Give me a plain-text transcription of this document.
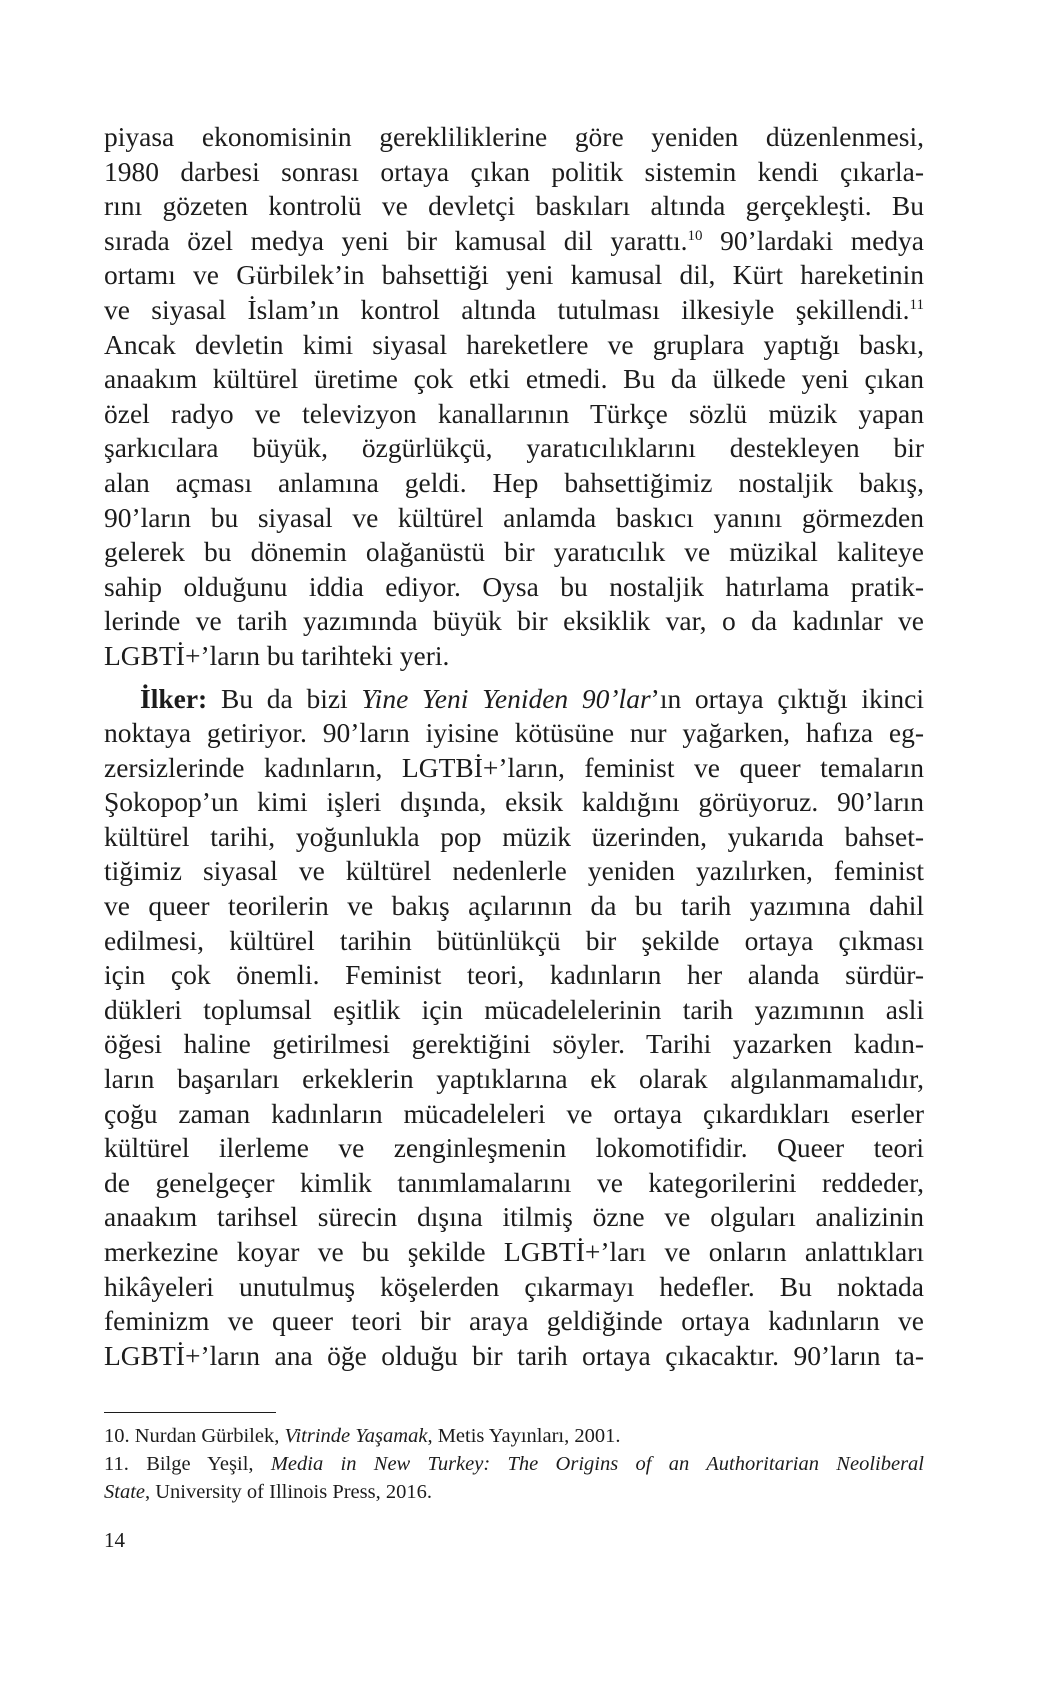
piyasa ekonomisinin gerekliliklerine göre yeniden düzenlenmesi,
1980 darbesi sonrası ortaya çıkan politik sistemin kendi çıkarla-
rını gözeten kontrolü ve devletçi baskıları altında gerçekleşti. Bu
sırada özel medya yeni bir kamusal dil yarattı.$^{10}$ 90’lardaki medya
ortamı ve Gürbilek’in bahsettiği yeni kamusal dil, Kürt hareketinin
ve siyasal İslam’ın kontrol altında tutulması ilkesiyle şekillendi.$^{11}$
Ancak devletin kimi siyasal hareketlere ve gruplara yaptığı baskı,
anaakım kültürel üretime çok etki etmedi. Bu da ülkede yeni çıkan
özel radyo ve televizyon kanallarının Türkçe sözlü müzik yapan
şarkıcılara büyük, özgürlükçü, yaratıcılıklarını destekleyen bir
alan açması anlamına geldi. Hep bahsettiğimiz nostaljik bakış,
90’ların bu siyasal ve kültürel anlamda baskıcı yanını görmezden
gelerek bu dönemin olağanüstü bir yaratıcılık ve müzikal kaliteye
sahip olduğunu iddia ediyor. Oysa bu nostaljik hatırlama pratik-
lerinde ve tarih yazımında büyük bir eksiklik var, o da kadınlar ve
LGBTİ+’ların bu tarihteki yeri.

İlker: Bu da bizi Yine Yeni Yeniden 90’lar’ın ortaya çıktığı ikinci
noktaya getiriyor. 90’ların iyisine kötüsüne nur yağarken, hafıza eg-
zersizlerinde kadınların, LGTBİ+’ların, feminist ve queer temaların
Şokopop’un kimi işleri dışında, eksik kaldığını görüyoruz. 90’ların
kültürel tarihi, yoğunlukla pop müzik üzerinden, yukarıda bahset-
tiğimiz siyasal ve kültürel nedenlerle yeniden yazılırken, feminist
ve queer teorilerin ve bakış açılarının da bu tarih yazımına dahil
edilmesi, kültürel tarihin bütünlükçü bir şekilde ortaya çıkması
için çok önemli. Feminist teori, kadınların her alanda sürdür-
dükleri toplumsal eşitlik için mücadelelerinin tarih yazımının asli
öğesi haline getirilmesi gerektiğini söyler. Tarihi yazarken kadın-
ların başarıları erkeklerin yaptıklarına ek olarak algılanmamalıdır,
çoğu zaman kadınların mücadeleleri ve ortaya çıkardıkları eserler
kültürel ilerleme ve zenginleşmenin lokomotifidir. Queer teori
de genelgeçer kimlik tanımlamalarını ve kategorilerini reddeder,
anaakım tarihsel sürecin dışına itilmiş özne ve olguları analizinin
merkezine koyar ve bu şekilde LGBTİ+’ları ve onların anlattıkları
hikâyeleri unutulmuş köşelerden çıkarmayı hedefler. Bu noktada
feminizm ve queer teori bir araya geldiğinde ortaya kadınların ve
LGBTİ+’ların ana öğe olduğu bir tarih ortaya çıkacaktır. 90’ların ta-

10. Nurdan Gürbilek, Vitrinde Yaşamak, Metis Yayınları, 2001.

11. Bilge Yeşil, Media in New Turkey: The Origins of an Authoritarian Neoliberal
State, University of Illinois Press, 2016.

14
